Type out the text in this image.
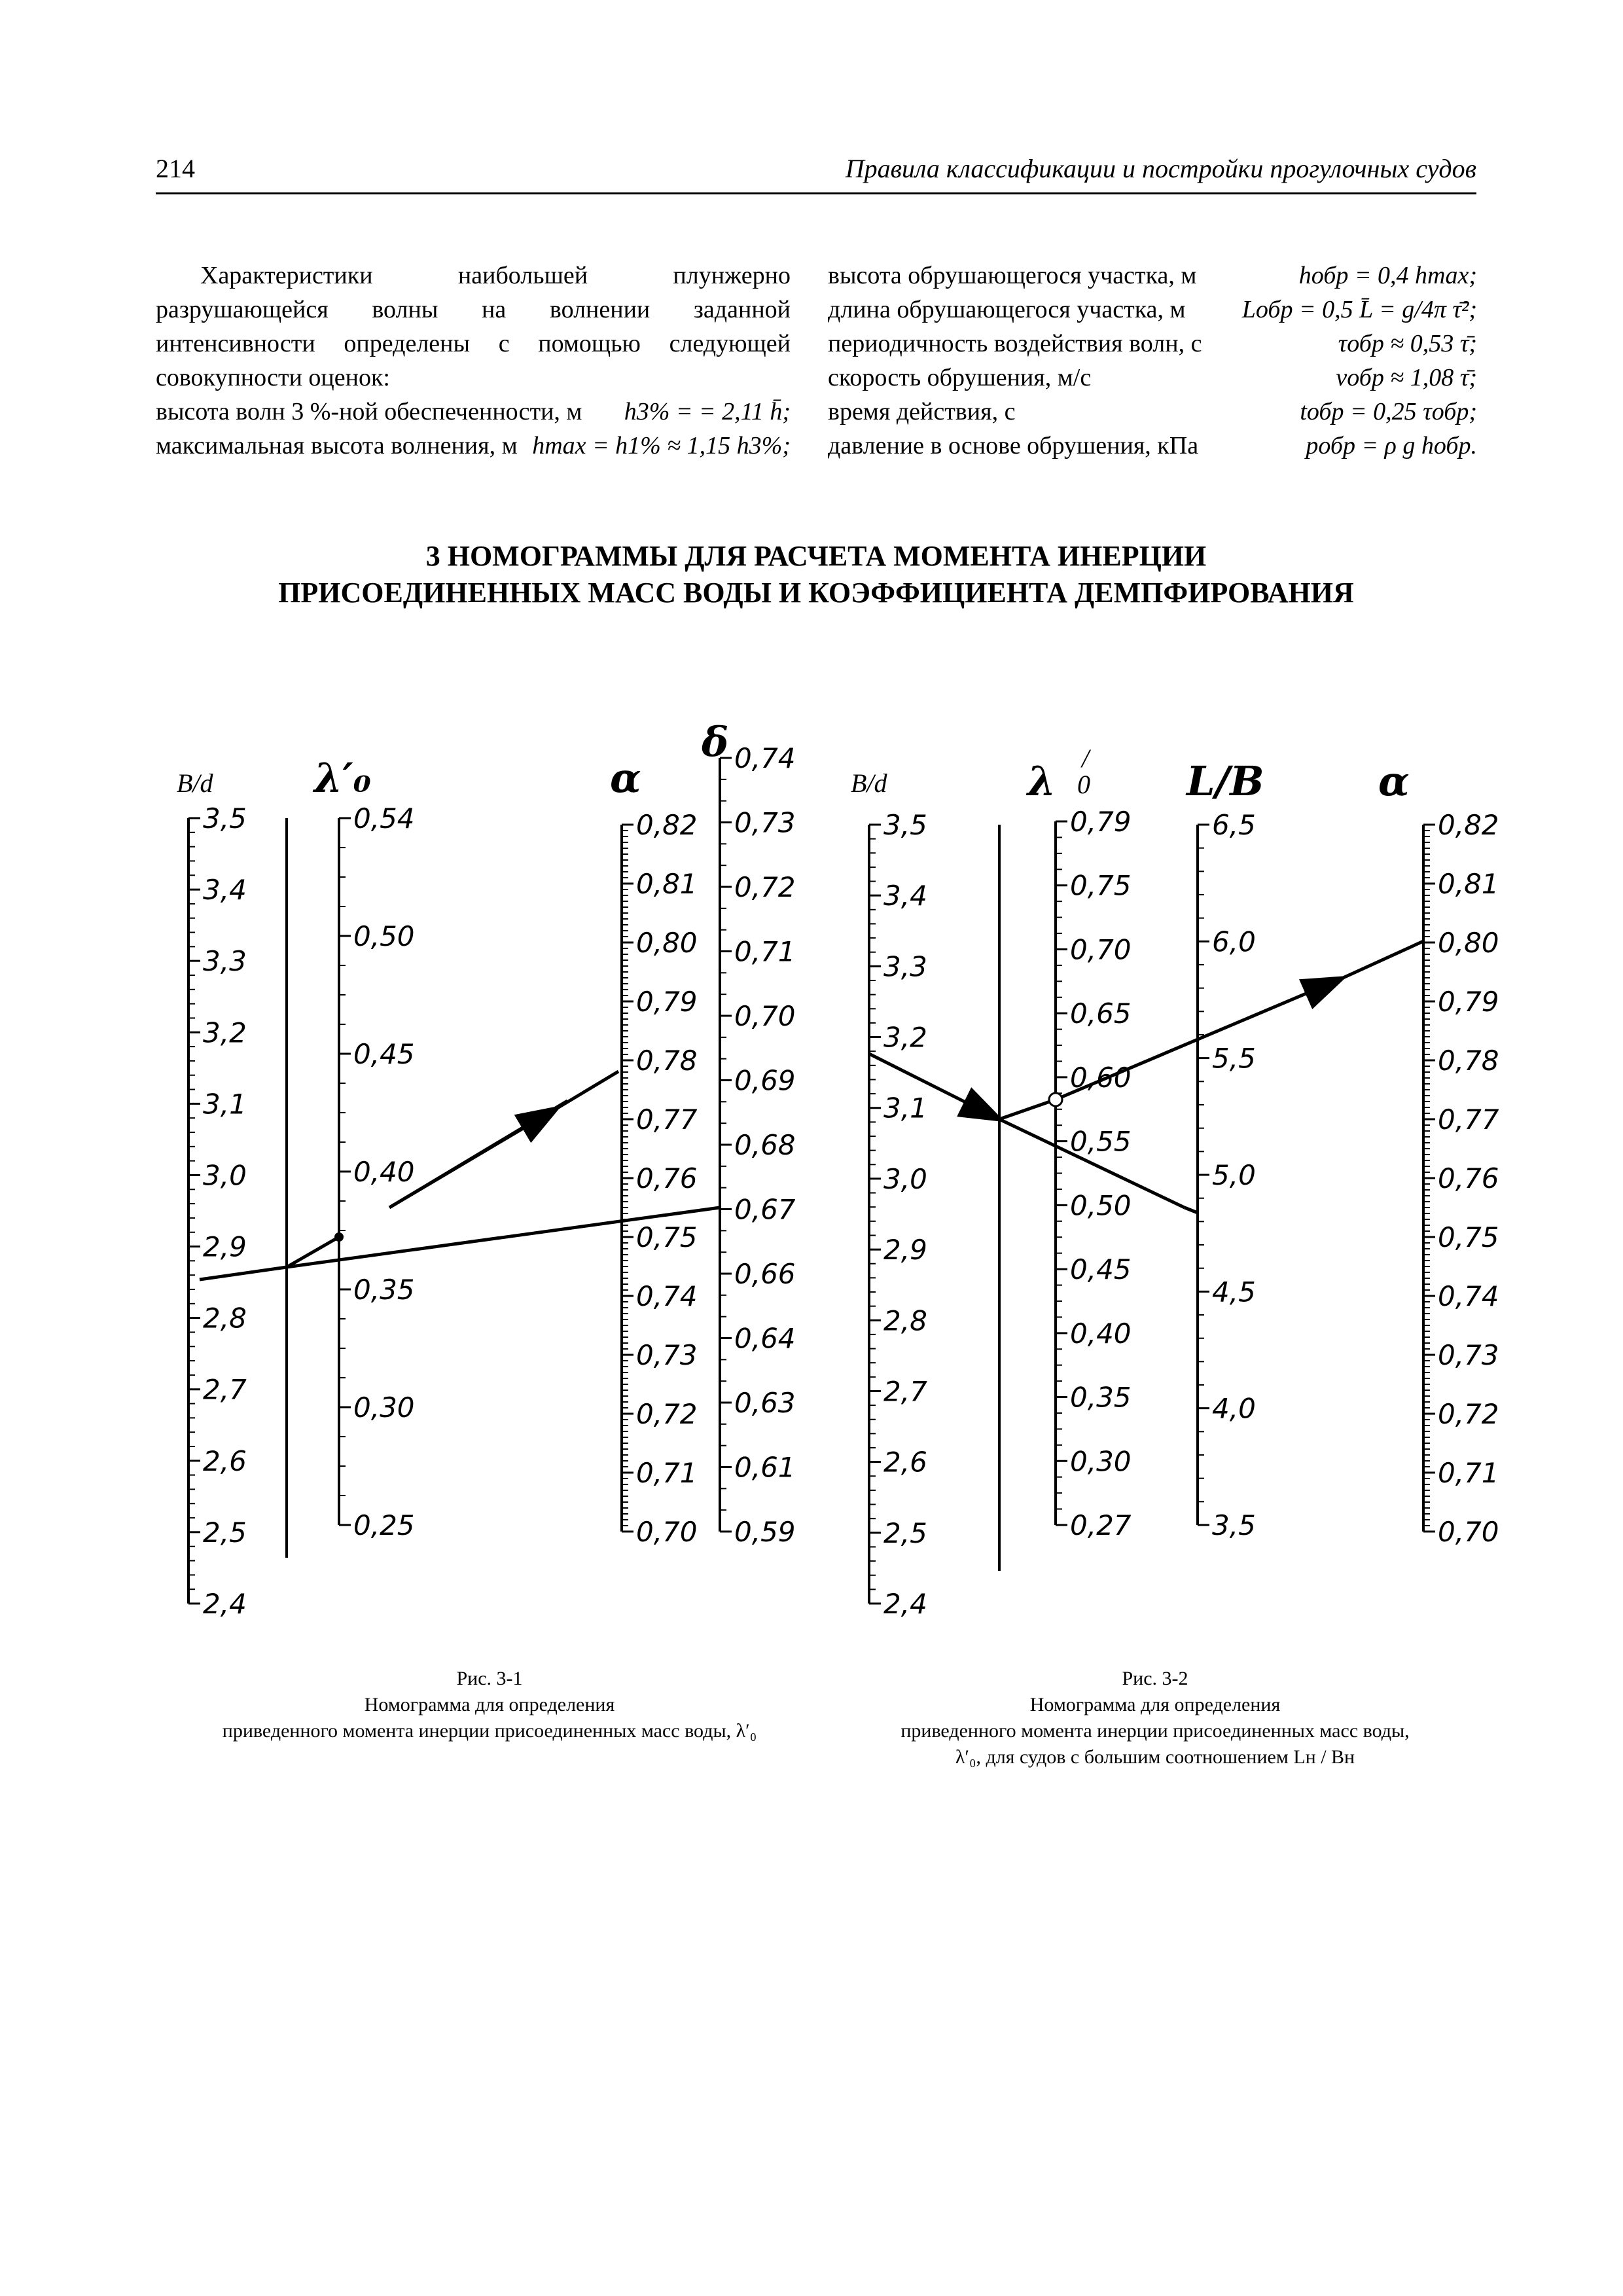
214	Правила классификации и постройки прогулочных судов

Характеристики наибольшей плунжерно разрушающейся волны на волнении заданной интенсивности определены с помощью следующей совокупности оценок:

высота волн 3 %-ной обеспеченности, м h3% = = 2,11 h̄;
максимальная высота волнения, м hmax = h1% ≈ 1,15 h3%;
высота обрушающегося участка, м	hобр = 0,4 hmax;
длина обрушающегося участка, м Lобр = 0,5 L̄ = g/4π τ̄²;
периодичность воздействия волн, с	τобр ≈ 0,53 τ̄;
скорость обрушения, м/с	vобр ≈ 1,08 τ̄;
время действия, с	tобр = 0,25 τобр;
давление в основе обрушения, кПа	pобр = ρ g hобр.
3 НОМОГРАММЫ ДЛЯ РАСЧЕТА МОМЕНТА ИНЕРЦИИ
ПРИСОЕДИНЕННЫХ МАСС ВОДЫ И КОЭФФИЦИЕНТА ДЕМПФИРОВАНИЯ
B/d λ′₀	α
δ
3,5
3,4
3,3
3,2
3,1
3,0
2,9
2,8
2,7
2,6
2,5
2,4
0,54
0,50
0,45
0,40
0,35
0,30
0,25
0,82
0,81
0,80
0,79
0,78
0,77
0,76
0,75
0,74
0,73
0,72
0,71
0,70
0,74
0,73
0,72
0,71
0,70
0,69
0,68
0,67
0,66
0,64
0,63
0,61
0,59
Рис. 3-1
Номограмма для определения
приведенного момента инерции присоединенных масс воды, λ′₀
B/d	λ /
0 L/B	α
3,5
3,4
3,3
3,2
3,1
3,0
2,9
2,8
2,7
2,6
2,5
2,4
0,79
0,75
0,70
0,65
0,60
0,55
0,50
0,45
0,40
0,35
0,30
0,27
6,5
6,0
5,5
5,0
4,5
4,0
3,5
0,82
0,81
0,80
0,79
0,78
0,77
0,76
0,75
0,74
0,73
0,72
0,71
0,70
Рис. 3-2
Номограмма для определения
приведенного момента инерции присоединенных масс воды,
λ′₀, для судов с большим соотношением Lн / Bн
